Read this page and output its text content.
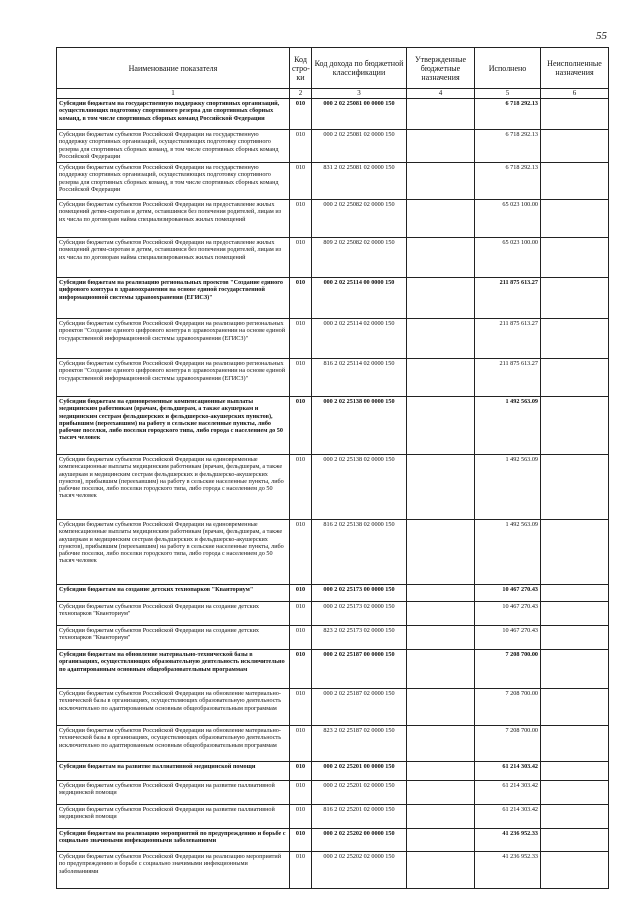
55
Наименование показателя	Код стро-ки	Код дохода по бюджетной классификации	Утвержденные бюджетные назначения	Исполнено	Неисполненные назначения
1	2	3	4	5	6
Субсидии бюджетам на государственную поддержку спортивных организаций, осуществляющих подготовку спортивного резерва для спортивных сборных команд, в том числе спортивных сборных команд Российской Федерации	010	000 2 02 25081 00 0000 150		6 718 292.13	
Субсидии бюджетам субъектов Российской Федерации на государственную поддержку спортивных организаций, осуществляющих подготовку спортивного резерва для спортивных сборных команд, в том числе спортивных сборных команд Российской Федерации	010	000 2 02 25081 02 0000 150		6 718 292.13	
Субсидии бюджетам субъектов Российской Федерации на государственную поддержку спортивных организаций, осуществляющих подготовку спортивного резерва для спортивных сборных команд, в том числе спортивных сборных команд Российской Федерации	010	831 2 02 25081 02 0000 150		6 718 292.13	
Субсидии бюджетам субъектов Российской Федерации на предоставление жилых помещений детям-сиротам и детям, оставшимся без попечения родителей, лицам из их числа по договорам найма специализированных жилых помещений	010	000 2 02 25082 02 0000 150		65 023 100.00	
Субсидии бюджетам субъектов Российской Федерации на предоставление жилых помещений детям-сиротам и детям, оставшимся без попечения родителей, лицам из их числа по договорам найма специализированных жилых помещений	010	809 2 02 25082 02 0000 150		65 023 100.00	
Субсидии бюджетам на реализацию региональных проектов "Создание единого цифрового контура в здравоохранении на основе единой государственной информационной системы здравоохранения (ЕГИСЗ)"	010	000 2 02 25114 00 0000 150		211 875 613.27	
Субсидии бюджетам субъектов Российской Федерации на реализацию региональных проектов "Создание единого цифрового контура в здравоохранении на основе единой государственной информационной системы здравоохранения (ЕГИСЗ)"	010	000 2 02 25114 02 0000 150		211 875 613.27	
Субсидии бюджетам субъектов Российской Федерации на реализацию региональных проектов "Создание единого цифрового контура в здравоохранении на основе единой государственной информационной системы здравоохранения (ЕГИСЗ)"	010	816 2 02 25114 02 0000 150		211 875 613.27	
Субсидии бюджетам на единовременные компенсационные выплаты медицинским работникам (врачам, фельдшерам, а также акушеркам и медицинским сестрам фельдшерских и фельдшерско-акушерских пунктов), прибывшим (переехавшим) на работу в сельские населенные пункты, либо рабочие поселки, либо поселки городского типа, либо города с населением до 50 тысяч человек	010	000 2 02 25138 00 0000 150		1 492 563.09	
Субсидии бюджетам субъектов Российской Федерации на единовременные компенсационные выплаты медицинским работникам (врачам, фельдшерам, а также акушеркам и медицинским сестрам фельдшерских и фельдшерско-акушерских пунктов), прибывшим (переехавшим) на работу в сельские населенные пункты, либо рабочие поселки, либо поселки городского типа, либо города с населением до 50 тысяч человек	010	000 2 02 25138 02 0000 150		1 492 563.09	
Субсидии бюджетам субъектов Российской Федерации на единовременные компенсационные выплаты медицинским работникам (врачам, фельдшерам, а также акушеркам и медицинским сестрам фельдшерских и фельдшерско-акушерских пунктов), прибывшим (переехавшим) на работу в сельские населенные пункты, либо рабочие поселки, либо поселки городского типа, либо города с населением до 50 тысяч человек	010	816 2 02 25138 02 0000 150		1 492 563.09	
Субсидии бюджетам на создание детских технопарков "Кванториум"	010	000 2 02 25173 00 0000 150		10 467 270.43	
Субсидии бюджетам субъектов Российской Федерации на создание детских технопарков "Кванториум"	010	000 2 02 25173 02 0000 150		10 467 270.43	
Субсидии бюджетам субъектов Российской Федерации на создание детских технопарков "Кванториум"	010	823 2 02 25173 02 0000 150		10 467 270.43	
Субсидии бюджетам на обновление материально-технической базы в организациях, осуществляющих образовательную деятельность исключительно по адаптированным основным общеобразовательным программам	010	000 2 02 25187 00 0000 150		7 208 700.00	
Субсидии бюджетам субъектов Российской Федерации на обновление материально-технической базы в организациях, осуществляющих образовательную деятельность исключительно по адаптированным основным общеобразовательным программам	010	000 2 02 25187 02 0000 150		7 208 700.00	
Субсидии бюджетам субъектов Российской Федерации на обновление материально-технической базы в организациях, осуществляющих образовательную деятельность исключительно по адаптированным основным общеобразовательным программам	010	823 2 02 25187 02 0000 150		7 208 700.00	
Субсидии бюджетам на развитие паллиативной медицинской помощи	010	000 2 02 25201 00 0000 150		61 214 303.42	
Субсидии бюджетам субъектов Российской Федерации на развитие паллиативной медицинской помощи	010	000 2 02 25201 02 0000 150		61 214 303.42	
Субсидии бюджетам субъектов Российской Федерации на развитие паллиативной медицинской помощи	010	816 2 02 25201 02 0000 150		61 214 303.42	
Субсидии бюджетам на реализацию мероприятий по предупреждению и борьбе с социально значимыми инфекционными заболеваниями	010	000 2 02 25202 00 0000 150		41 236 952.33	
Субсидии бюджетам субъектов Российской Федерации на реализацию мероприятий по предупреждению и борьбе с социально значимыми инфекционными заболеваниями	010	000 2 02 25202 02 0000 150		41 236 952.33	
